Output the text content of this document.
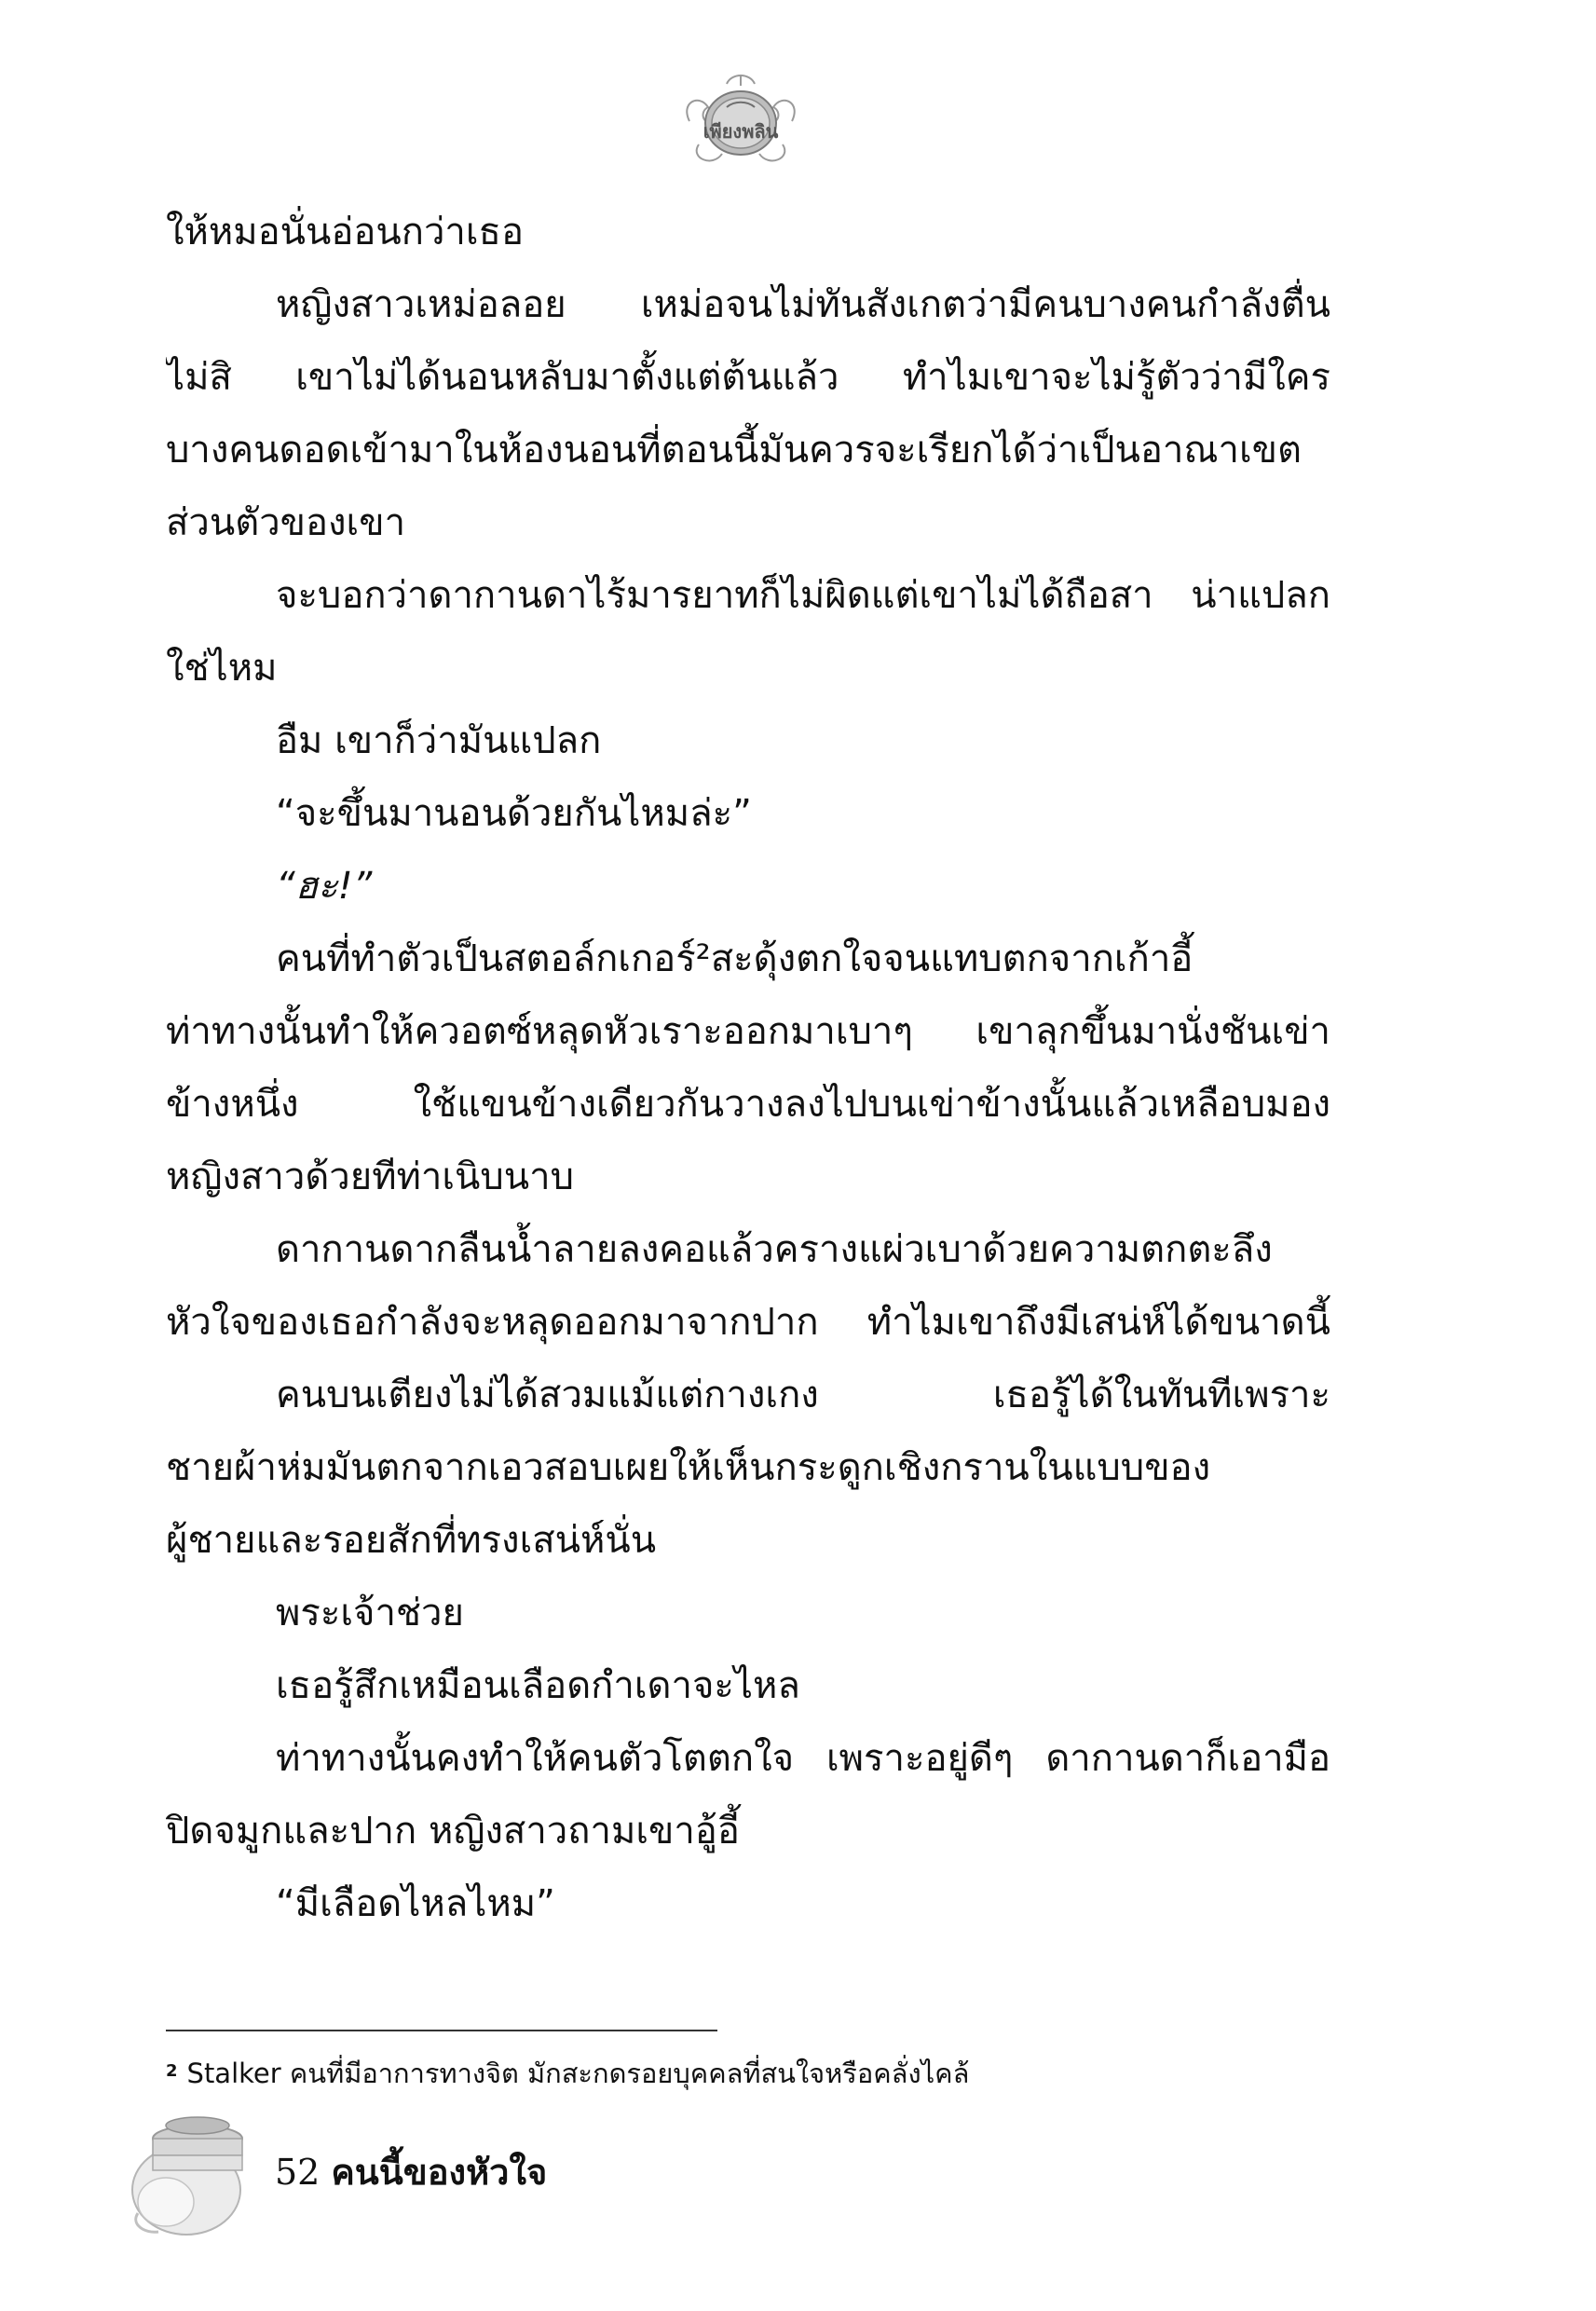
เพียงพลิน
ให้หมอนั่นอ่อนกว่าเธอ
หญิงสาวเหม่อลอย เหม่อจนไม่ทันสังเกตว่ามีคนบางคนกำลังตื่น
ไม่สิ เขาไม่ได้นอนหลับมาตั้งแต่ต้นแล้ว ทำไมเขาจะไม่รู้ตัวว่ามีใคร
บางคนดอดเข้ามาในห้องนอนที่ตอนนี้มันควรจะเรียกได้ว่าเป็นอาณาเขต
ส่วนตัวของเขา
จะบอกว่าดากานดาไร้มารยาทก็ไม่ผิดแต่เขาไม่ได้ถือสา น่าแปลก
ใช่ไหม
อืม เขาก็ว่ามันแปลก
“จะขึ้นมานอนด้วยกันไหมล่ะ”
“ฮะ!”
คนที่ทำตัวเป็นสตอล์กเกอร์²สะดุ้งตกใจจนแทบตกจากเก้าอี้
ท่าทางนั้นทำให้ควอตซ์หลุดหัวเราะออกมาเบาๆ เขาลุกขึ้นมานั่งชันเข่า
ข้างหนึ่ง ใช้แขนข้างเดียวกันวางลงไปบนเข่าข้างนั้นแล้วเหลือบมอง
หญิงสาวด้วยทีท่าเนิบนาบ
ดากานดากลืนน้ำลายลงคอแล้วครางแผ่วเบาด้วยความตกตะลึง
หัวใจของเธอกำลังจะหลุดออกมาจากปาก ทำไมเขาถึงมีเสน่ห์ได้ขนาดนี้
คนบนเตียงไม่ได้สวมแม้แต่กางเกง เธอรู้ได้ในทันทีเพราะ
ชายผ้าห่มมันตกจากเอวสอบเผยให้เห็นกระดูกเชิงกรานในแบบของ
ผู้ชายและรอยสักที่ทรงเสน่ห์นั่น
พระเจ้าช่วย
เธอรู้สึกเหมือนเลือดกำเดาจะไหล
ท่าทางนั้นคงทำให้คนตัวโตตกใจ เพราะอยู่ดีๆ ดากานดาก็เอามือ
ปิดจมูกและปาก หญิงสาวถามเขาอู้อี้
“มีเลือดไหลไหม”
$^2$ Stalker คนที่มีอาการทางจิต มักสะกดรอยบุคคลที่สนใจหรือคลั่งไคล้
52 คนนี้ของหัวใจ
